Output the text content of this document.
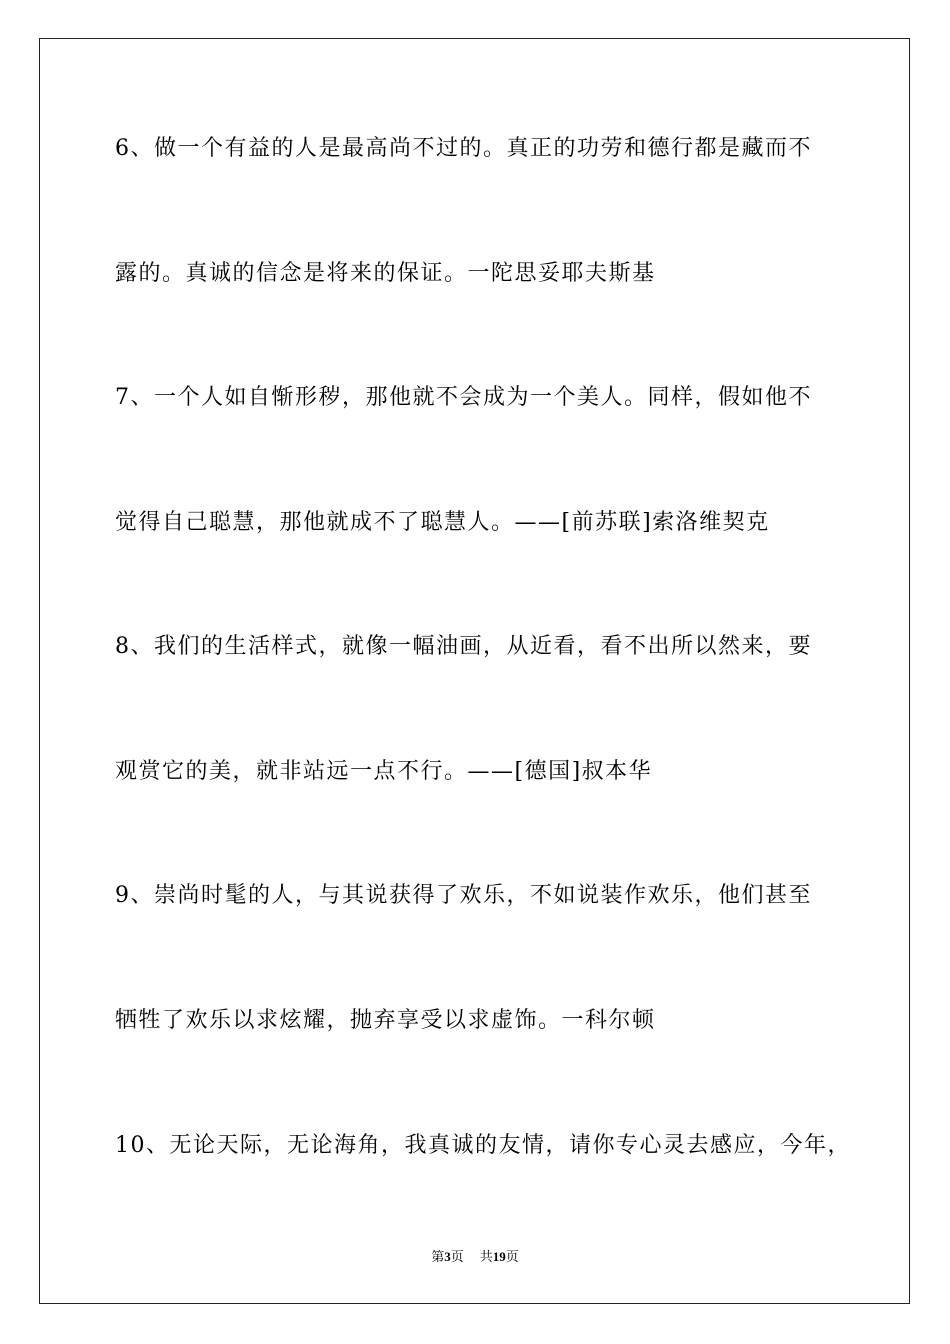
6、做一个有益的人是最高尚不过的。真正的功劳和德行都是藏而不
露的。真诚的信念是将来的保证。一陀思妥耶夫斯基
7、一个人如自惭形秽，那他就不会成为一个美人。同样，假如他不
觉得自己聪慧，那他就成不了聪慧人。——[前苏联]索洛维契克
8、我们的生活样式，就像一幅油画，从近看，看不出所以然来，要
观赏它的美，就非站远一点不行。——[德国]叔本华
9、崇尚时髦的人，与其说获得了欢乐，不如说装作欢乐，他们甚至
牺牲了欢乐以求炫耀，抛弃享受以求虚饰。一科尔顿
10、无论天际，无论海角，我真诚的友情，请你专心灵去感应，今年，
第3页 共19页
